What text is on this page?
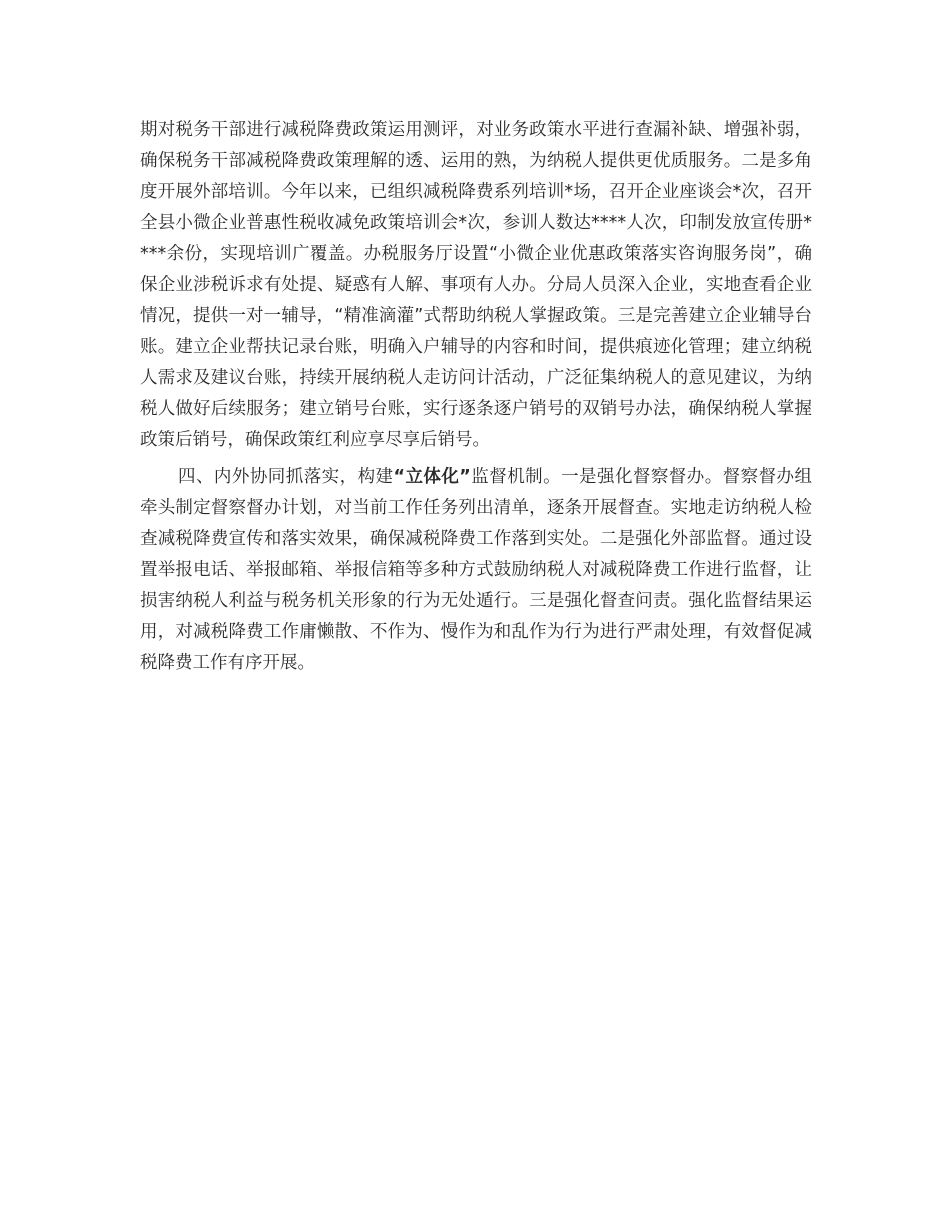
期对税务干部进行减税降费政策运用测评，对业务政策水平进行查漏补缺、增强补弱，确保税务干部减税降费政策理解的透、运用的熟，为纳税人提供更优质服务。二是多角度开展外部培训。今年以来，已组织减税降费系列培训*场，召开企业座谈会*次，召开全县小微企业普惠性税收减免政策培训会*次，参训人数达****人次，印制发放宣传册****余份，实现培训广覆盖。办税服务厅设置“小微企业优惠政策落实咨询服务岗”，确保企业涉税诉求有处提、疑惑有人解、事项有人办。分局人员深入企业，实地查看企业情况，提供一对一辅导，“精准滴灌”式帮助纳税人掌握政策。三是完善建立企业辅导台账。建立企业帮扶记录台账，明确入户辅导的内容和时间，提供痕迹化管理；建立纳税人需求及建议台账，持续开展纳税人走访问计活动，广泛征集纳税人的意见建议，为纳税人做好后续服务；建立销号台账，实行逐条逐户销号的双销号办法，确保纳税人掌握政策后销号，确保政策红利应享尽享后销号。

四、内外协同抓落实，构建“立体化”监督机制。一是强化督察督办。督察督办组牵头制定督察督办计划，对当前工作任务列出清单，逐条开展督查。实地走访纳税人检查减税降费宣传和落实效果，确保减税降费工作落到实处。二是强化外部监督。通过设置举报电话、举报邮箱、举报信箱等多种方式鼓励纳税人对减税降费工作进行监督，让损害纳税人利益与税务机关形象的行为无处遁行。三是强化督查问责。强化监督结果运用，对减税降费工作庸懒散、不作为、慢作为和乱作为行为进行严肃处理，有效督促减税降费工作有序开展。
